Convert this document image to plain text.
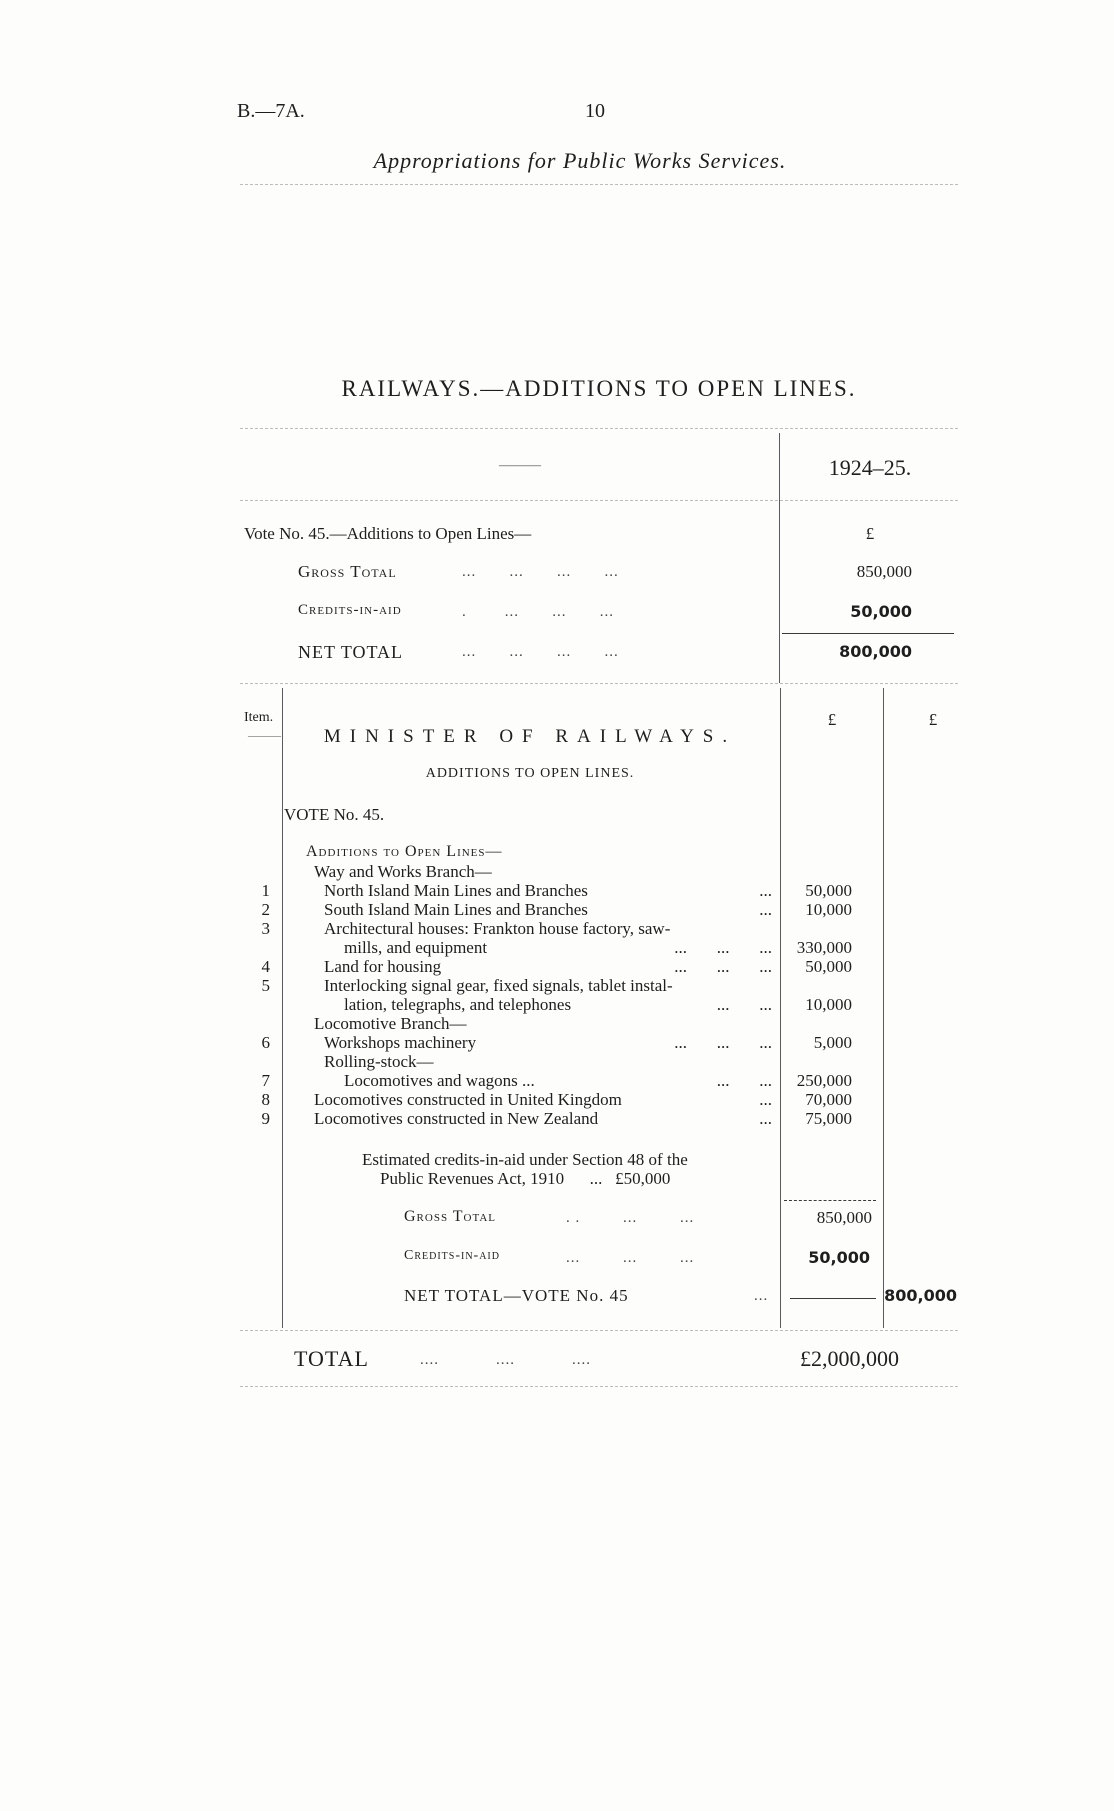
B.—7A.	10
Appropriations for Public Works Services.
RAILWAYS.—ADDITIONS TO OPEN LINES.
———	1924–25.
Vote No. 45.—Additions to Open Lines—	£
Gross Total	...       ...       ...       ...	850,000
Credits-in-aid	.        ...       ...       ...	50,000
NET TOTAL	...       ...       ...       ...	800,000
Item.
———
£	£
MINISTER OF RAILWAYS.
ADDITIONS TO OPEN LINES.
VOTE No. 45.
Additions to Open Lines—
Way and Works Branch—
1	North Island Main Lines and Branches	...	50,000
2	South Island Main Lines and Branches	...	10,000
3	Architectural houses: Frankton house factory, saw-
mills, and equipment	...       ...       ...	330,000
4	Land for housing	...       ...       ...	50,000
5	Interlocking signal gear, fixed signals, tablet instal-
lation, telegraphs, and telephones	...       ...	10,000
Locomotive Branch—
6	Workshops machinery	...       ...       ...	5,000
Rolling-stock—
7	Locomotives and wagons ...	...       ...	250,000
8	Locomotives constructed in United Kingdom	...	70,000
9	Locomotives constructed in New Zealand	...	75,000
Estimated credits-in-aid under Section 48 of the
Public Revenues Act, 1910      ...   £50,000
Gross Total	. .         ...         ...	850,000
Credits-in-aid	...         ...         ...	50,000
NET TOTAL—VOTE No. 45	...	800,000
TOTAL	....            ....            ....	£2,000,000
